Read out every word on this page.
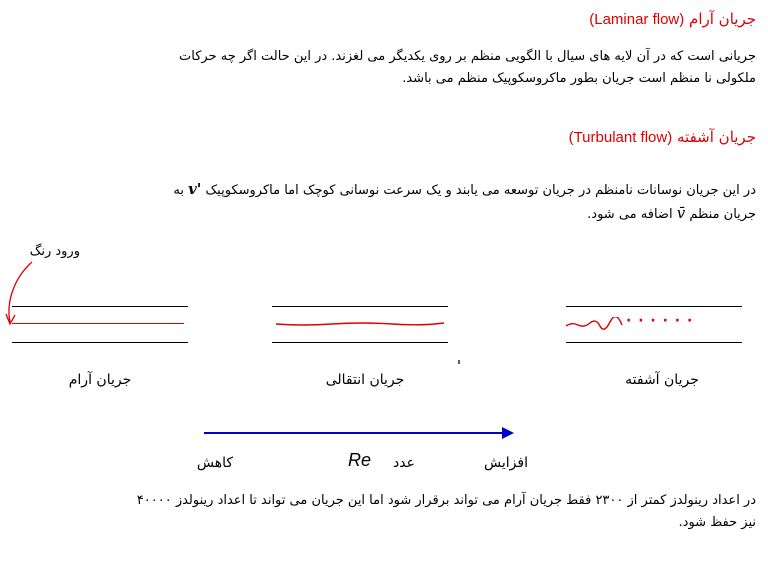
جریان آرام (Laminar flow)
جریانی است که در آن لایه های سیال با الگویی منظم بر روی یکدیگر می لغزند. در این حالت اگر چه حرکات
ملکولی نا منظم است جریان بطور ماکروسکوپیک منظم می باشد.
جریان آشفته (Turbulant flow)
در این جریان نوسانات نامنظم در جریان توسعه می یابند و یک سرعت نوسانی کوچک اما ماکروسکوپیک v' به
جریان منظم v̄ اضافه می شود.
ورود رنگ
· · · · · ·
جریان آرام	جریان انتقالی	جریان آشفته
کاهش	Re	عدد	افزایش
در اعداد رینولدز کمتر از ۲۳۰۰ فقط جریان آرام می تواند برقرار شود اما این جریان می تواند تا اعداد رینولدز ۴۰۰۰۰
نیز حفظ شود.
